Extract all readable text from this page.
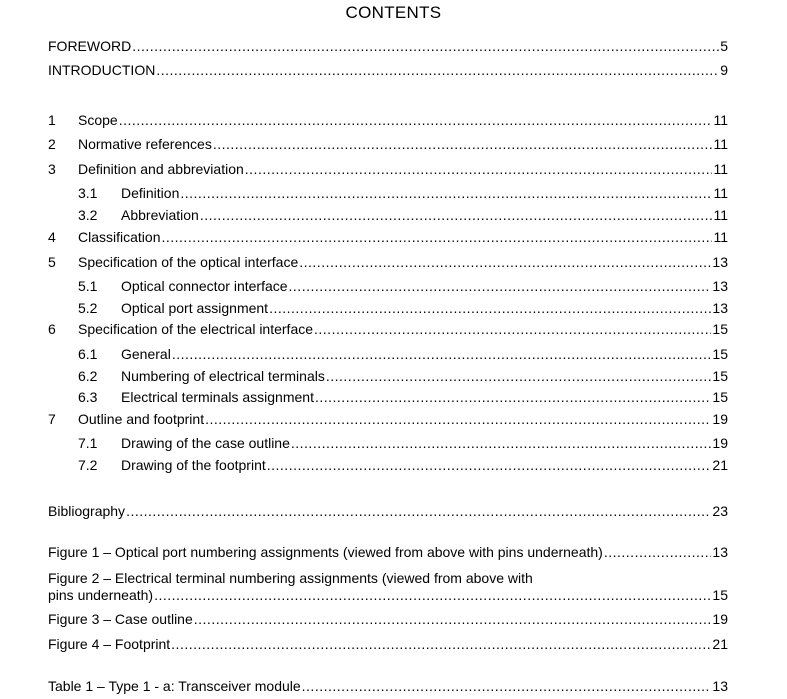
CONTENTS
FOREWORD .....	5
INTRODUCTION .....	9
1	Scope .....	11
2	Normative references .....	11
3	Definition and abbreviation .....	11
3.1	Definition .....	11
3.2	Abbreviation .....	11
4	Classification .....	11
5	Specification of the optical interface .....	13
5.1	Optical connector interface .....	13
5.2	Optical port assignment .....	13
6	Specification of the electrical interface .....	15
6.1	General .....	15
6.2	Numbering of electrical terminals .....	15
6.3	Electrical terminals assignment .....	15
7	Outline and footprint .....	19
7.1	Drawing of the case outline .....	19
7.2	Drawing of the footprint .....	21
Bibliography .....	23
Figure 1 – Optical port numbering assignments (viewed from above with pins underneath) .....	13
Figure 2 – Electrical terminal numbering assignments (viewed from above with
pins underneath) .....	15
Figure 3 – Case outline .....	19
Figure 4 – Footprint .....	21
Table 1 – Type 1 - a: Transceiver module .....	13
